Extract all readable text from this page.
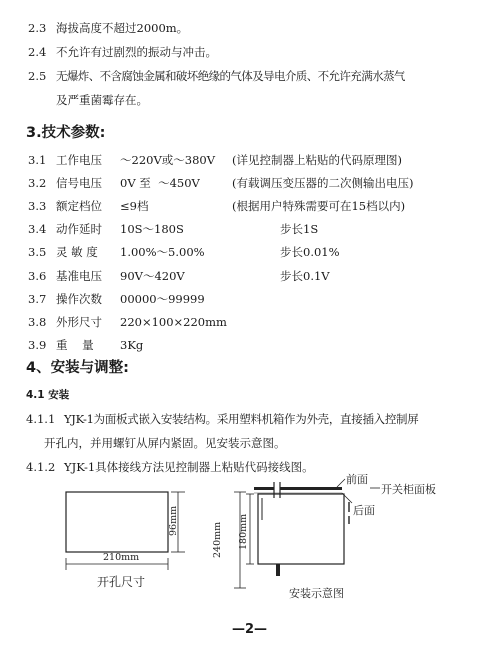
2.3 海拔高度不超过2000m。
2.4 不允许有过剧烈的振动与冲击。
2.5 无爆炸、不含腐蚀金属和破坏绝缘的气体及导电介质、不允许充满水蒸气
及严重菌霉存在。
3.技术参数:
3.1 工作电压 ～220V或～380V (详见控制器上粘贴的代码原理图)
3.2 信号电压 0V 至  ～450V	(有载调压变压器的二次侧输出电压)
3.3 额定档位 ≤9档	(根据用户特殊需要可在15档以内)
3.4 动作延时 10S～180S	步长1S
3.5 灵 敏 度 1.00%～5.00%	步长0.01%
3.6 基准电压 90V～420V	步长0.1V
3.7 操作次数 00000～99999
3.8 外形尺寸 220×100×220mm
3.9 重    量 3Kg
4、安装与调整:
4.1 安装
4.1.1 YJK-1为面板式嵌入安装结构。采用塑料机箱作为外壳，直接插入控制屏
开孔内，并用螺钉从屏内紧固。见安装示意图。
4.1.2 YJK-1具体接线方法见控制器上粘贴代码接线图。
96mm
210mm
开孔尺寸
240mm 180mm
前面
开关柜面板
后面
安装示意图
—2—
